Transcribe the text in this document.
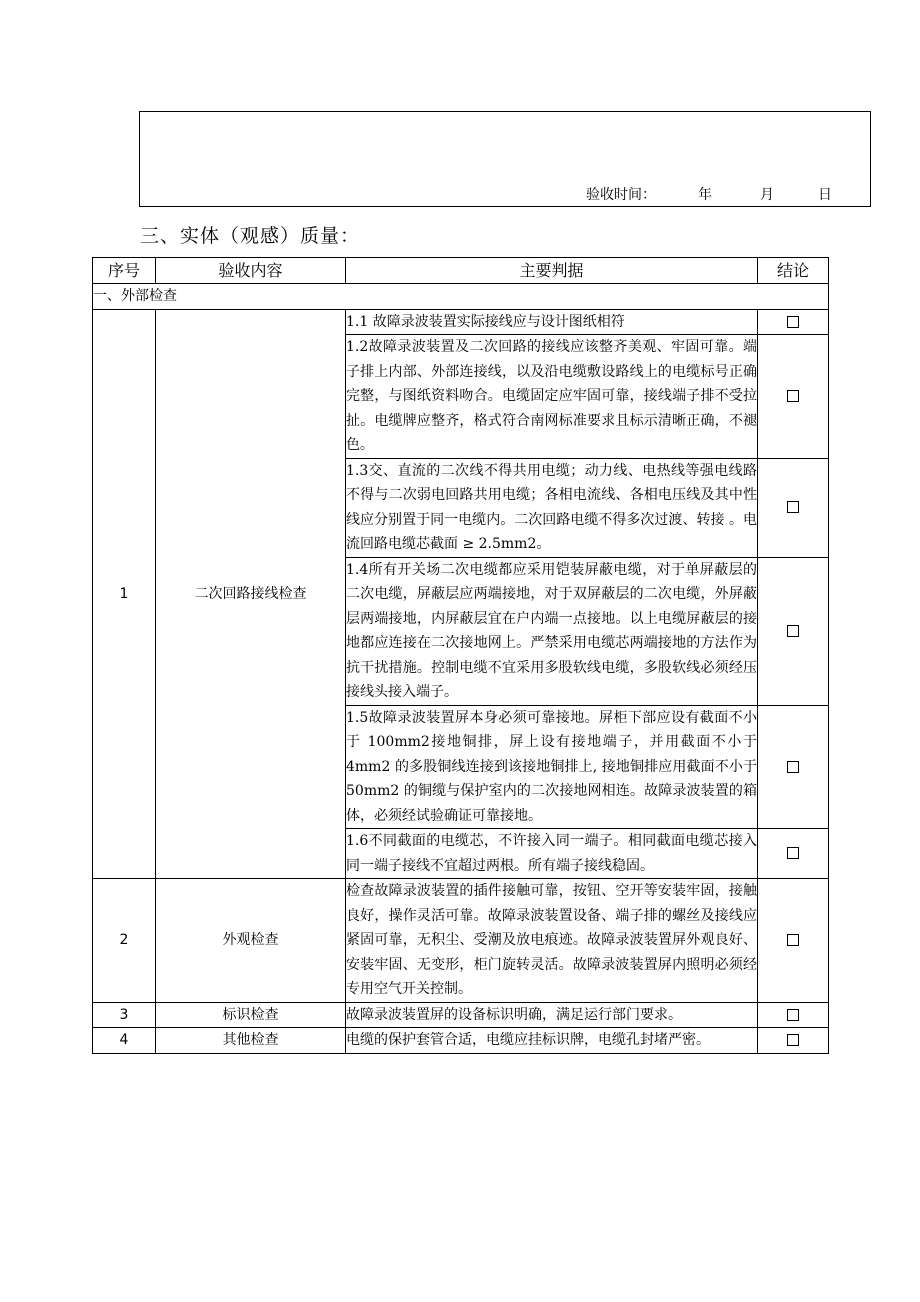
验收时间：	年	月	日
三、实体（观感）质量：
序号	验收内容	主要判据	结论
一、外部检查			
1	二次回路接线检查	1.1 故障录波装置实际接线应与设计图纸相符	
		1.2故障录波装置及二次回路的接线应该整齐美观、牢固可靠。端子排上内部、外部连接线，以及沿电缆敷设路线上的电缆标号正确完整，与图纸资料吻合。电缆固定应牢固可靠，接线端子排不受拉扯。电缆牌应整齐，格式符合南网标准要求且标示清晰正确，不褪色。	
		1.3交、直流的二次线不得共用电缆；动力线、电热线等强电线路不得与二次弱电回路共用电缆；各相电流线、各相电压线及其中性线应分别置于同一电缆内。二次回路电缆不得多次过渡、转接 。电流回路电缆芯截面 ≥ 2.5mm2。	
		1.4所有开关场二次电缆都应采用铠装屏蔽电缆，对于单屏蔽层的二次电缆，屏蔽层应两端接地，对于双屏蔽层的二次电缆，外屏蔽层两端接地，内屏蔽层宜在户内端一点接地。以上电缆屏蔽层的接地都应连接在二次接地网上。严禁采用电缆芯两端接地的方法作为抗干扰措施。控制电缆不宜采用多股软线电缆，多股软线必须经压接线头接入端子。	
		1.5故障录波装置屏本身必须可靠接地。屏柜下部应设有截面不小于 100mm2接地铜排，屏上设有接地端子，并用截面不小于4mm2 的多股铜线连接到该接地铜排上, 接地铜排应用截面不小于 50mm2 的铜缆与保护室内的二次接地网相连。故障录波装置的箱体，必须经试验确证可靠接地。	
		1.6不同截面的电缆芯，不许接入同一端子。相同截面电缆芯接入同一端子接线不宜超过两根。所有端子接线稳固。	
2	外观检查	检查故障录波装置的插件接触可靠，按钮、空开等安装牢固，接触良好，操作灵活可靠。故障录波装置设备、端子排的螺丝及接线应紧固可靠，无积尘、受潮及放电痕迹。故障录波装置屏外观良好、安装牢固、无变形，柜门旋转灵活。故障录波装置屏内照明必须经专用空气开关控制。	
3	标识检查	故障录波装置屏的设备标识明确，满足运行部门要求。	
4	其他检查	电缆的保护套管合适，电缆应挂标识牌，电缆孔封堵严密。	
